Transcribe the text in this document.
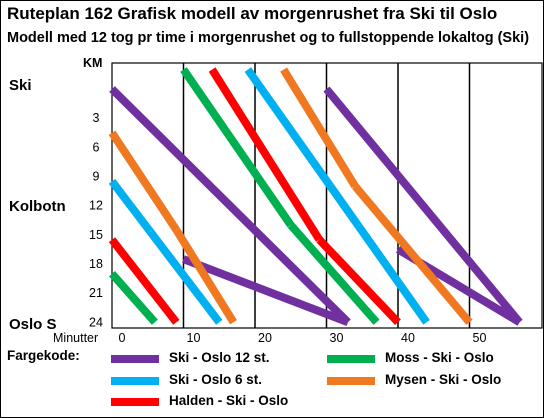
Ruteplan 162 Grafisk modell av morgenrushet fra Ski til Oslo
Modell med 12 tog pr time i morgenrushet og to fullstoppende lokaltog (Ski)
KM
3
6
9
12
15
18
21
24
Minutter 0	10	20	30	40	50
Ski
Kolbotn
Oslo S
Fargekode:	Ski - Oslo 12 st.	Moss - Ski - Oslo
Ski - Oslo 6 st.	Mysen - Ski - Oslo
Halden - Ski - Oslo
